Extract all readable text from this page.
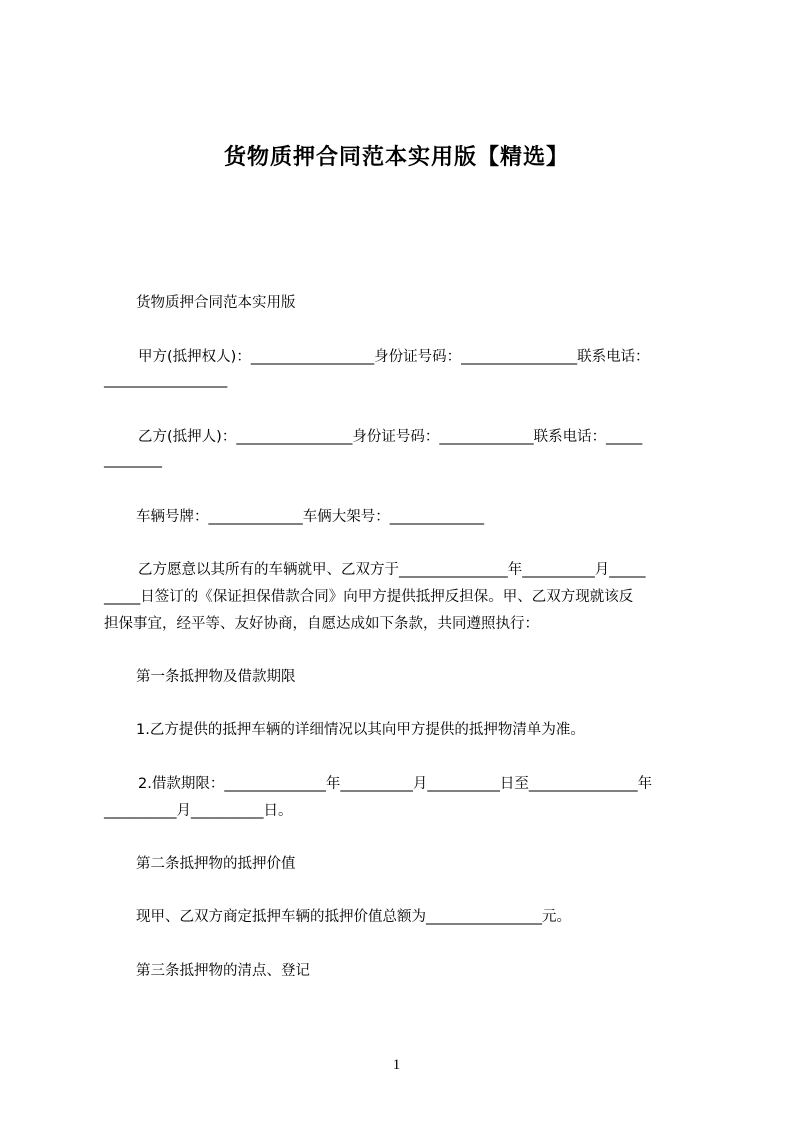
货物质押合同范本实用版【精选】
货物质押合同范本实用版
甲方(抵押权人)：_________________身份证号码：________________联系电话：
_________________
乙方(抵押人)：________________身份证号码：_____________联系电话：_____
________
车辆号牌：_____________车俩大架号：_____________
乙方愿意以其所有的车辆就甲、乙双方于_______________年__________月_____
_____日签订的《保证担保借款合同》向甲方提供抵押反担保。甲、乙双方现就该反
担保事宜，经平等、友好协商，自愿达成如下条款，共同遵照执行：
第一条抵押物及借款期限
1.乙方提供的抵押车辆的详细情况以其向甲方提供的抵押物清单为准。
2.借款期限：______________年__________月__________日至_______________年
__________月__________日。
第二条抵押物的抵押价值
现甲、乙双方商定抵押车辆的抵押价值总额为________________元。
第三条抵押物的清点、登记
1
